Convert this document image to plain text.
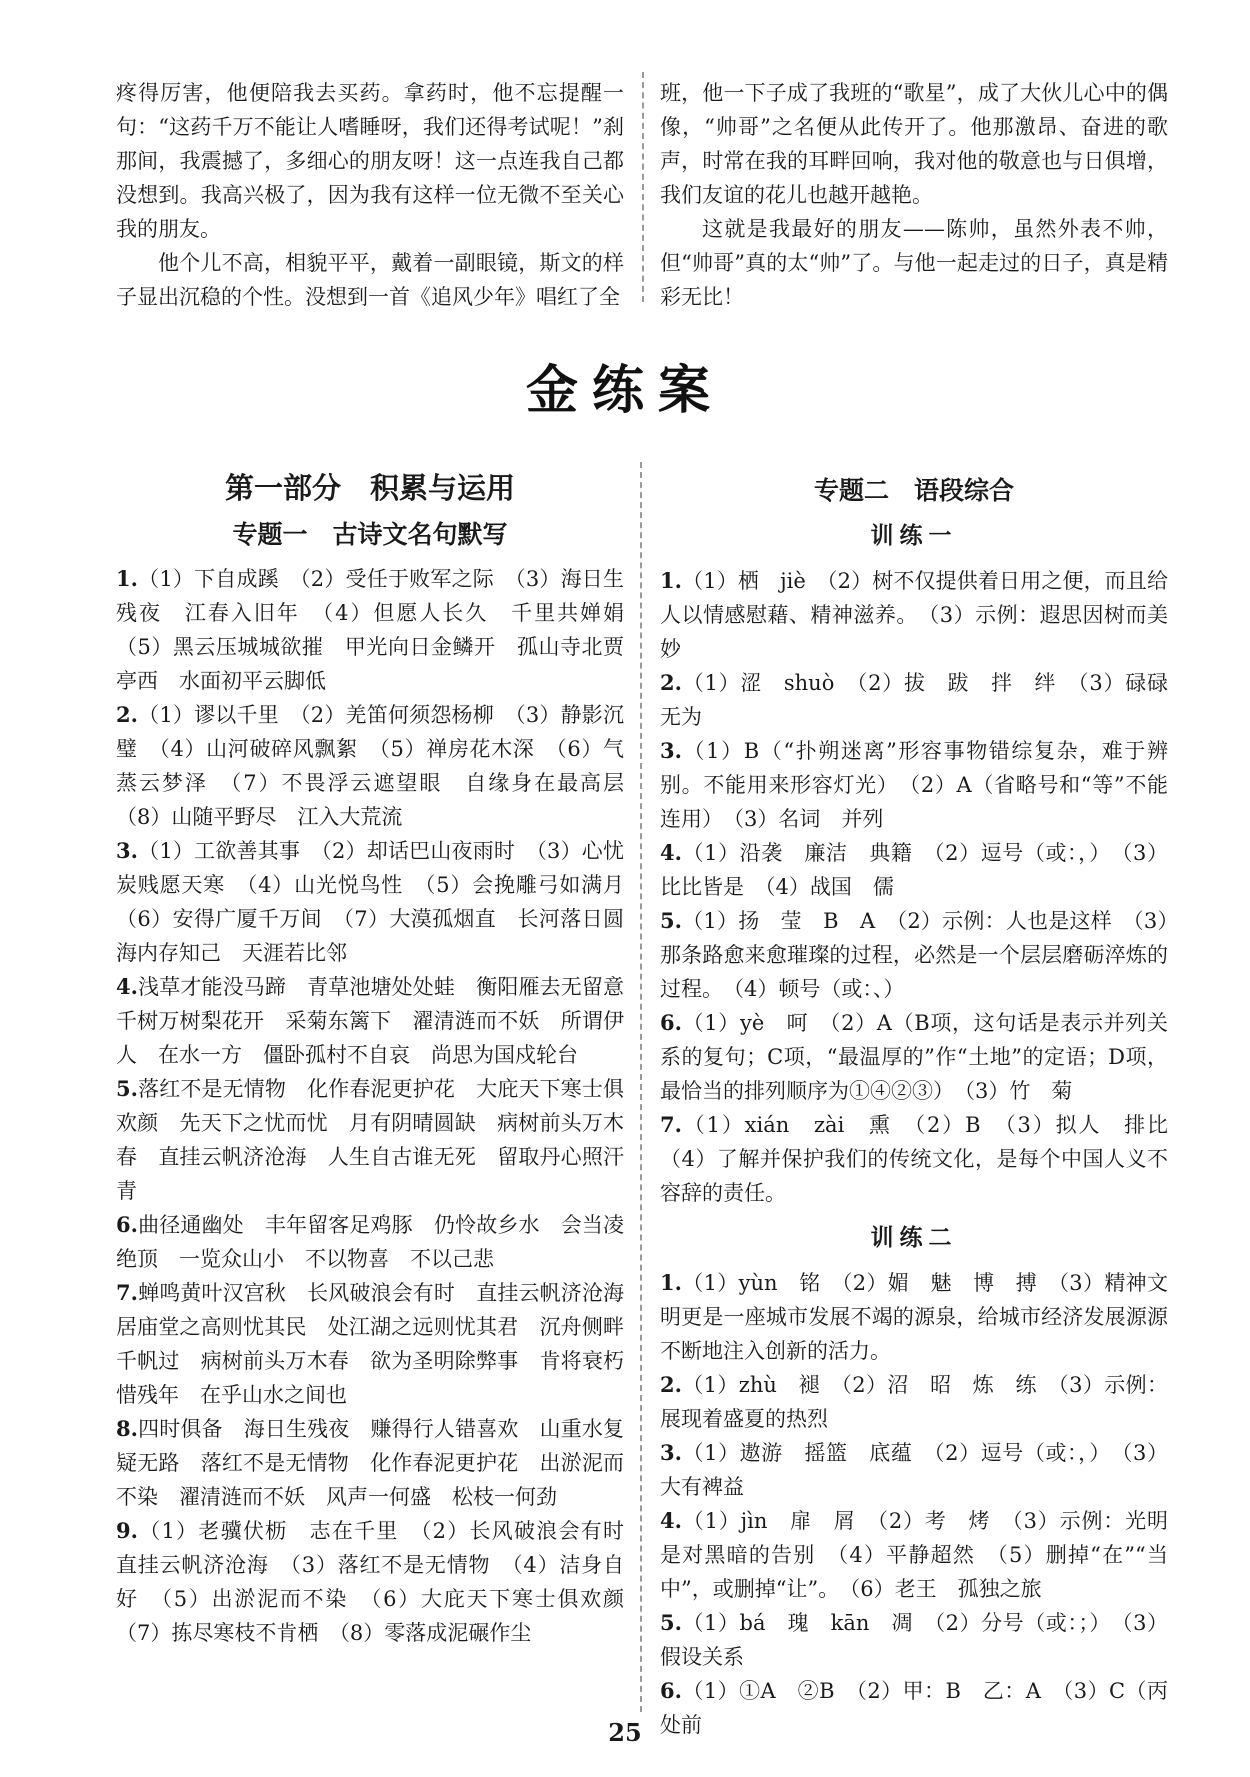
疼得厉害，他便陪我去买药。拿药时，他不忘提醒一句：“这药千万不能让人嗜睡呀，我们还得考试呢！”刹那间，我震撼了，多细心的朋友呀！这一点连我自己都没想到。我高兴极了，因为我有这样一位无微不至关心我的朋友。

他个儿不高，相貌平平，戴着一副眼镜，斯文的样子显出沉稳的个性。没想到一首《追风少年》唱红了全

班，他一下子成了我班的“歌星”，成了大伙儿心中的偶像，“帅哥”之名便从此传开了。他那激昂、奋进的歌声，时常在我的耳畔回响，我对他的敬意也与日俱增，我们友谊的花儿也越开越艳。

这就是我最好的朋友——陈帅，虽然外表不帅，但“帅哥”真的太“帅”了。与他一起走过的日子，真是精彩无比！

金练案
第一部分　积累与运用
专题一　古诗文名句默写

1.（1）下自成蹊　（2）受任于败军之际　（3）海日生残夜　江春入旧年　（4）但愿人长久　千里共婵娟　（5）黑云压城城欲摧　甲光向日金鳞开　孤山寺北贾亭西　水面初平云脚低

2.（1）谬以千里　（2）羌笛何须怨杨柳　（3）静影沉璧　（4）山河破碎风飘絮　（5）禅房花木深　（6）气蒸云梦泽　（7）不畏浮云遮望眼　自缘身在最高层　（8）山随平野尽　江入大荒流

3.（1）工欲善其事　（2）却话巴山夜雨时　（3）心忧炭贱愿天寒　（4）山光悦鸟性　（5）会挽雕弓如满月　（6）安得广厦千万间　（7）大漠孤烟直　长河落日圆　海内存知己　天涯若比邻

4.浅草才能没马蹄　青草池塘处处蛙　衡阳雁去无留意　千树万树梨花开　采菊东篱下　濯清涟而不妖　所谓伊人　在水一方　僵卧孤村不自哀　尚思为国戍轮台

5.落红不是无情物　化作春泥更护花　大庇天下寒士俱欢颜　先天下之忧而忧　月有阴晴圆缺　病树前头万木春　直挂云帆济沧海　人生自古谁无死　留取丹心照汗青

6.曲径通幽处　丰年留客足鸡豚　仍怜故乡水　会当凌绝顶　一览众山小　不以物喜　不以己悲

7.蝉鸣黄叶汉宫秋　长风破浪会有时　直挂云帆济沧海　居庙堂之高则忧其民　处江湖之远则忧其君　沉舟侧畔千帆过　病树前头万木春　欲为圣明除弊事　肯将衰朽惜残年　在乎山水之间也

8.四时俱备　海日生残夜　赚得行人错喜欢　山重水复疑无路　落红不是无情物　化作春泥更护花　出淤泥而不染　濯清涟而不妖　风声一何盛　松枝一何劲

9.（1）老骥伏枥　志在千里　（2）长风破浪会有时　直挂云帆济沧海　（3）落红不是无情物　（4）洁身自好　（5）出淤泥而不染　（6）大庇天下寒士俱欢颜　（7）拣尽寒枝不肯栖　（8）零落成泥碾作尘

专题二　语段综合
训练一

1.（1）栖　jiè　（2）树不仅提供着日用之便，而且给人以情感慰藉、精神滋养。　（3）示例：遐思因树而美妙

2.（1）涩　shuò　（2）拔　跋　拌　绊　（3）碌碌无为

3.（1）B（“扑朔迷离”形容事物错综复杂，难于辨别。不能用来形容灯光）　（2）A（省略号和“等”不能连用）　（3）名词　并列

4.（1）沿袭　廉洁　典籍　（2）逗号（或：，）　（3）比比皆是　（4）战国　儒

5.（1）扬　莹　B　A　（2）示例：人也是这样　（3）那条路愈来愈璀璨的过程，必然是一个层层磨砺淬炼的过程。　（4）顿号（或：、）

6.（1）yè　呵　（2）A（B项，这句话是表示并列关系的复句；C项，“最温厚的”作“土地”的定语；D项，最恰当的排列顺序为①④②③）　（3）竹　菊

7.（1）xián　zài　熏　（2）B　（3）拟人　排比　（4）了解并保护我们的传统文化，是每个中国人义不容辞的责任。

训练二

1.（1）yùn　铭　（2）媚　魅　博　搏　（3）精神文明更是一座城市发展不竭的源泉，给城市经济发展源源不断地注入创新的活力。

2.（1）zhù　褪　（2）沼　昭　炼　练　（3）示例：展现着盛夏的热烈

3.（1）遨游　摇篮　底蕴　（2）逗号（或：，）　（3）大有裨益

4.（1）jìn　扉　屑　（2）考　烤　（3）示例：光明是对黑暗的告别　（4）平静超然　（5）删掉“在”“当中”，或删掉“让”。　（6）老王　孤独之旅

5.（1）bá　瑰　kān　凋　（2）分号（或：；）　（3）假设关系

6.（1）①A　②B　（2）甲：B　乙：A　（3）C（丙处前

25
